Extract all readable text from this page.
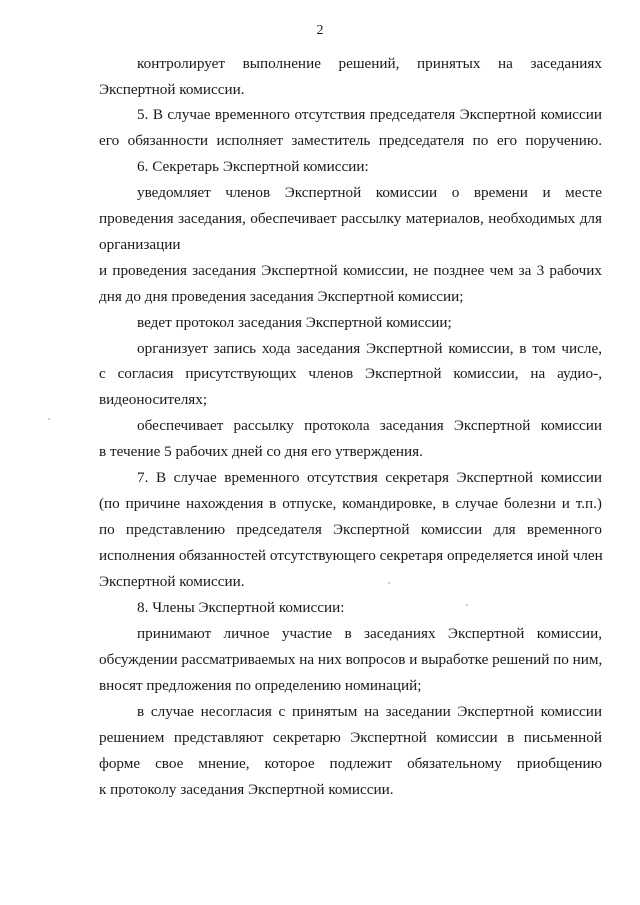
2
контролирует выполнение решений, принятых на заседаниях
Экспертной комиссии.
5. В случае временного отсутствия председателя Экспертной комиссии
его обязанности исполняет заместитель председателя по его поручению.
6. Секретарь Экспертной комиссии:
уведомляет членов Экспертной комиссии о времени и месте
проведения заседания, обеспечивает рассылку материалов, необходимых для
организации
и проведения заседания Экспертной комиссии, не позднее чем за 3 рабочих
дня до дня проведения заседания Экспертной комиссии;
ведет протокол заседания Экспертной комиссии;
организует запись хода заседания Экспертной комиссии, в том числе,
с согласия присутствующих членов Экспертной комиссии, на аудио-,
видеоносителях;
обеспечивает рассылку протокола заседания Экспертной комиссии
в течение 5 рабочих дней со дня его утверждения.
7. В случае временного отсутствия секретаря Экспертной комиссии
(по причине нахождения в отпуске, командировке, в случае болезни и т.п.)
по представлению председателя Экспертной комиссии для временного
исполнения обязанностей отсутствующего секретаря определяется иной член
Экспертной комиссии.
8. Члены Экспертной комиссии:
принимают личное участие в заседаниях Экспертной комиссии,
обсуждении рассматриваемых на них вопросов и выработке решений по ним,
вносят предложения по определению номинаций;
в случае несогласия с принятым на заседании Экспертной комиссии
решением представляют секретарю Экспертной комиссии в письменной
форме свое мнение, которое подлежит обязательному приобщению
к протоколу заседания Экспертной комиссии.
